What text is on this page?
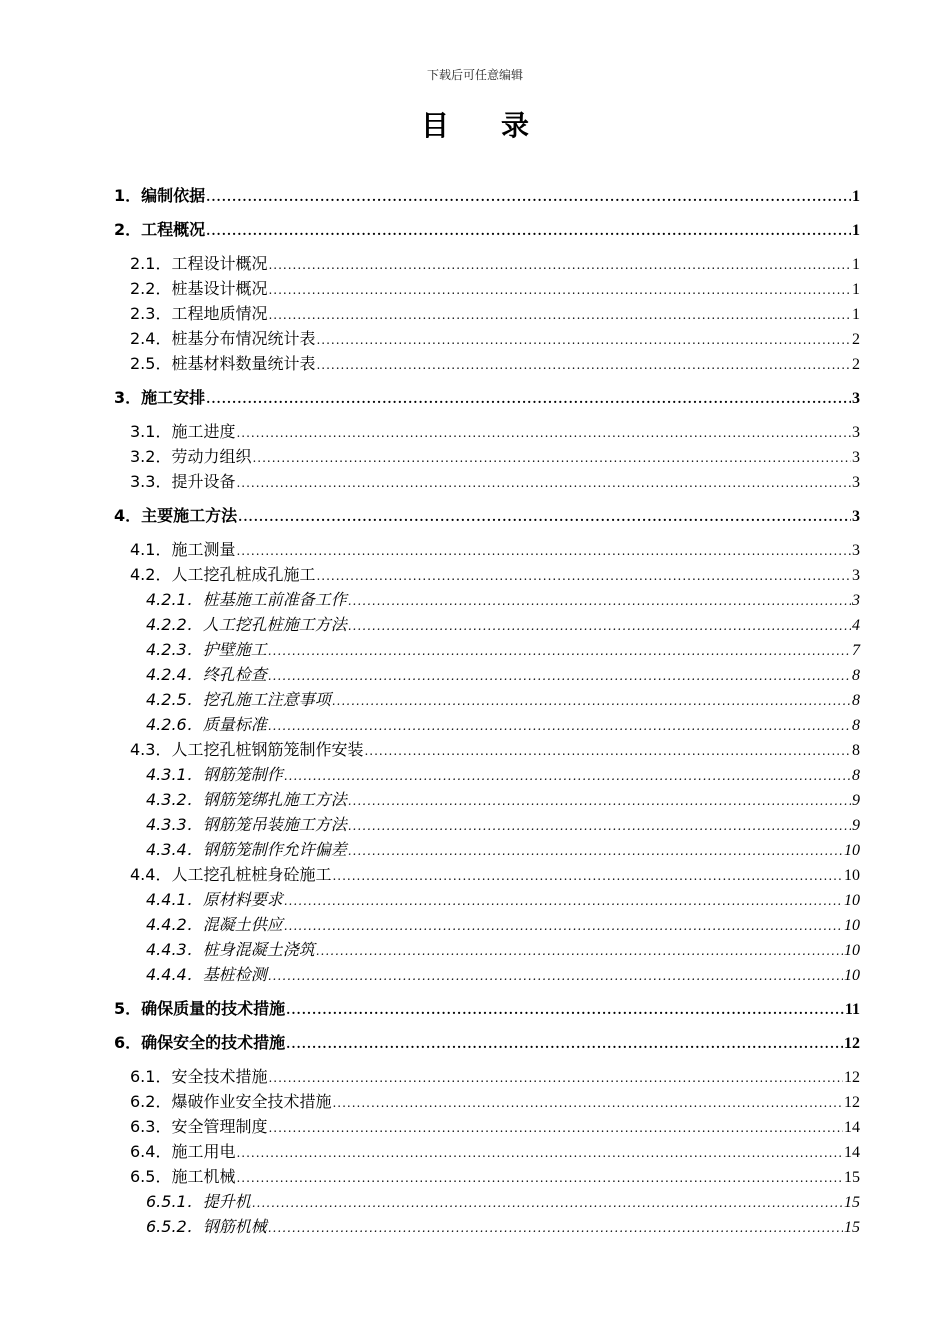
下载后可任意编辑
目 录
1． 编制依据 .....	1
2． 工程概况 .....	1
2.1． 工程设计概况 .....	1
2.2． 桩基设计概况 .....	1
2.3． 工程地质情况 .....	1
2.4． 桩基分布情况统计表 .....	2
2.5． 桩基材料数量统计表 .....	2
3． 施工安排 .....	3
3.1． 施工进度 .....	3
3.2． 劳动力组织 .....	3
3.3． 提升设备 .....	3
4． 主要施工方法 .....	3
4.1． 施工测量 .....	3
4.2． 人工挖孔桩成孔施工 .....	3
4.2.1． 桩基施工前准备工作 .....	3
4.2.2． 人工挖孔桩施工方法 .....	4
4.2.3． 护壁施工 .....	7
4.2.4． 终孔检查 .....	8
4.2.5． 挖孔施工注意事项 .....	8
4.2.6． 质量标准 .....	8
4.3． 人工挖孔桩钢筋笼制作安装 .....	8
4.3.1． 钢筋笼制作 .....	8
4.3.2． 钢筋笼绑扎施工方法 .....	9
4.3.3． 钢筋笼吊装施工方法 .....	9
4.3.4． 钢筋笼制作允许偏差 .....	10
4.4． 人工挖孔桩桩身砼施工 .....	10
4.4.1． 原材料要求 .....	10
4.4.2． 混凝土供应 .....	10
4.4.3． 桩身混凝土浇筑 .....	10
4.4.4． 基桩检测 .....	10
5． 确保质量的技术措施 .....	11
6． 确保安全的技术措施 .....	12
6.1． 安全技术措施 .....	12
6.2． 爆破作业安全技术措施 .....	12
6.3． 安全管理制度 .....	14
6.4． 施工用电 .....	14
6.5． 施工机械 .....	15
6.5.1． 提升机 .....	15
6.5.2． 钢筋机械 .....	15
